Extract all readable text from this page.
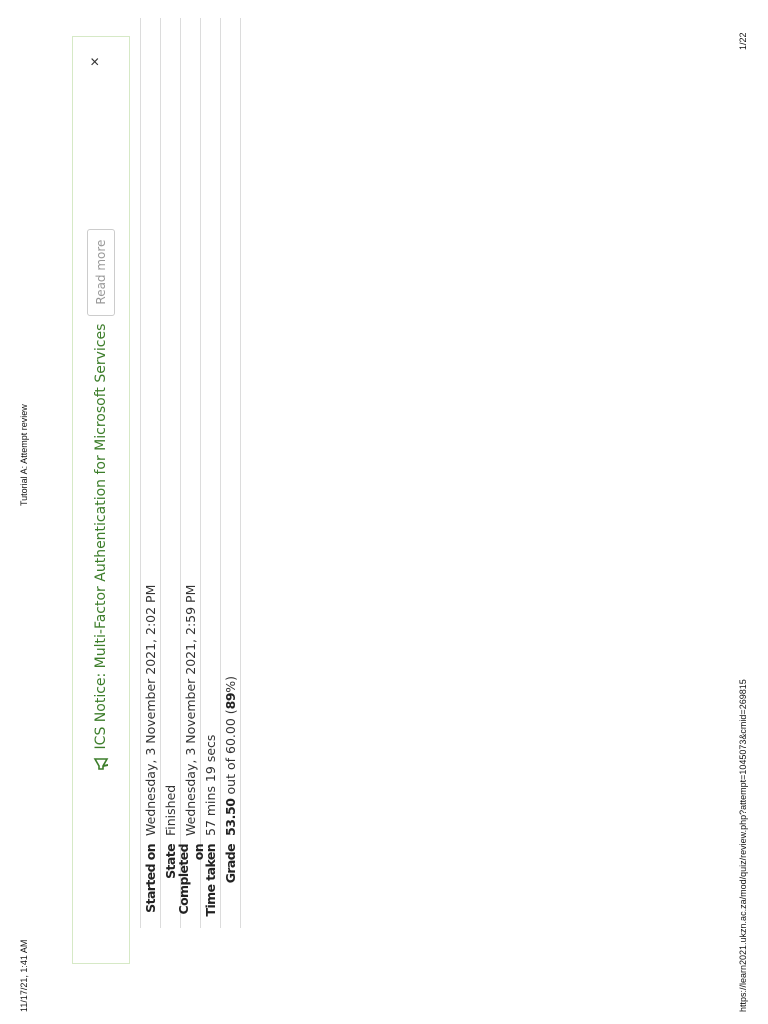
11/17/21, 1:41 AM
Tutorial A: Attempt review
https://learn2021.ukzn.ac.za/mod/quiz/review.php?attempt=1045073&cmid=269815
1/22
ICS Notice: Multi-Factor Authentication for Microsoft Services
Read more
×
Started on
Wednesday, 3 November 2021, 2:02 PM
State
Finished
Completed on
Wednesday, 3 November 2021, 2:59 PM
Time taken
57 mins 19 secs
Grade
53.50 out of 60.00 (89%)
